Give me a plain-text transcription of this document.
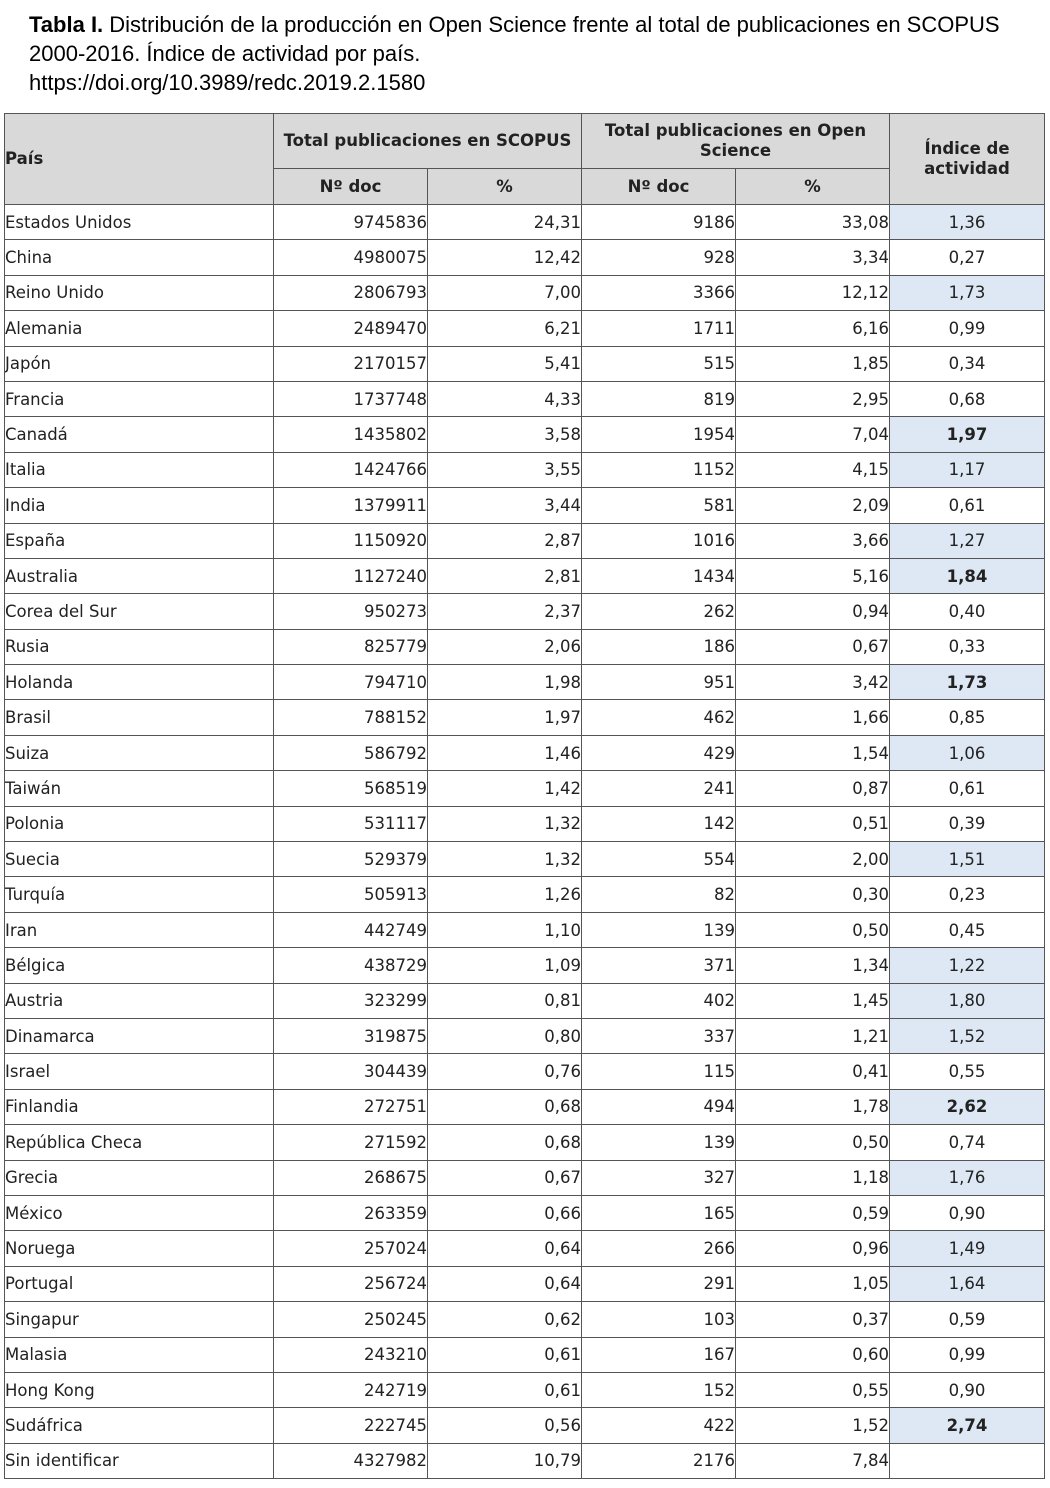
Tabla I. Distribución de la producción en Open Science frente al total de publicaciones en SCOPUS 2000-2016. Índice de actividad por país.
https://doi.org/10.3989/redc.2019.2.1580
País	Total publicaciones en SCOPUS		Total publicaciones en Open Science		Índice de actividad
	Nº doc	%	Nº doc	%	
Estados Unidos	9745836	24,31	9186	33,08	1,36
China	4980075	12,42	928	3,34	0,27
Reino Unido	2806793	7,00	3366	12,12	1,73
Alemania	2489470	6,21	1711	6,16	0,99
Japón	2170157	5,41	515	1,85	0,34
Francia	1737748	4,33	819	2,95	0,68
Canadá	1435802	3,58	1954	7,04	1,97
Italia	1424766	3,55	1152	4,15	1,17
India	1379911	3,44	581	2,09	0,61
España	1150920	2,87	1016	3,66	1,27
Australia	1127240	2,81	1434	5,16	1,84
Corea del Sur	950273	2,37	262	0,94	0,40
Rusia	825779	2,06	186	0,67	0,33
Holanda	794710	1,98	951	3,42	1,73
Brasil	788152	1,97	462	1,66	0,85
Suiza	586792	1,46	429	1,54	1,06
Taiwán	568519	1,42	241	0,87	0,61
Polonia	531117	1,32	142	0,51	0,39
Suecia	529379	1,32	554	2,00	1,51
Turquía	505913	1,26	82	0,30	0,23
Iran	442749	1,10	139	0,50	0,45
Bélgica	438729	1,09	371	1,34	1,22
Austria	323299	0,81	402	1,45	1,80
Dinamarca	319875	0,80	337	1,21	1,52
Israel	304439	0,76	115	0,41	0,55
Finlandia	272751	0,68	494	1,78	2,62
República Checa	271592	0,68	139	0,50	0,74
Grecia	268675	0,67	327	1,18	1,76
México	263359	0,66	165	0,59	0,90
Noruega	257024	0,64	266	0,96	1,49
Portugal	256724	0,64	291	1,05	1,64
Singapur	250245	0,62	103	0,37	0,59
Malasia	243210	0,61	167	0,60	0,99
Hong Kong	242719	0,61	152	0,55	0,90
Sudáfrica	222745	0,56	422	1,52	2,74
Sin identificar	4327982	10,79	2176	7,84	
